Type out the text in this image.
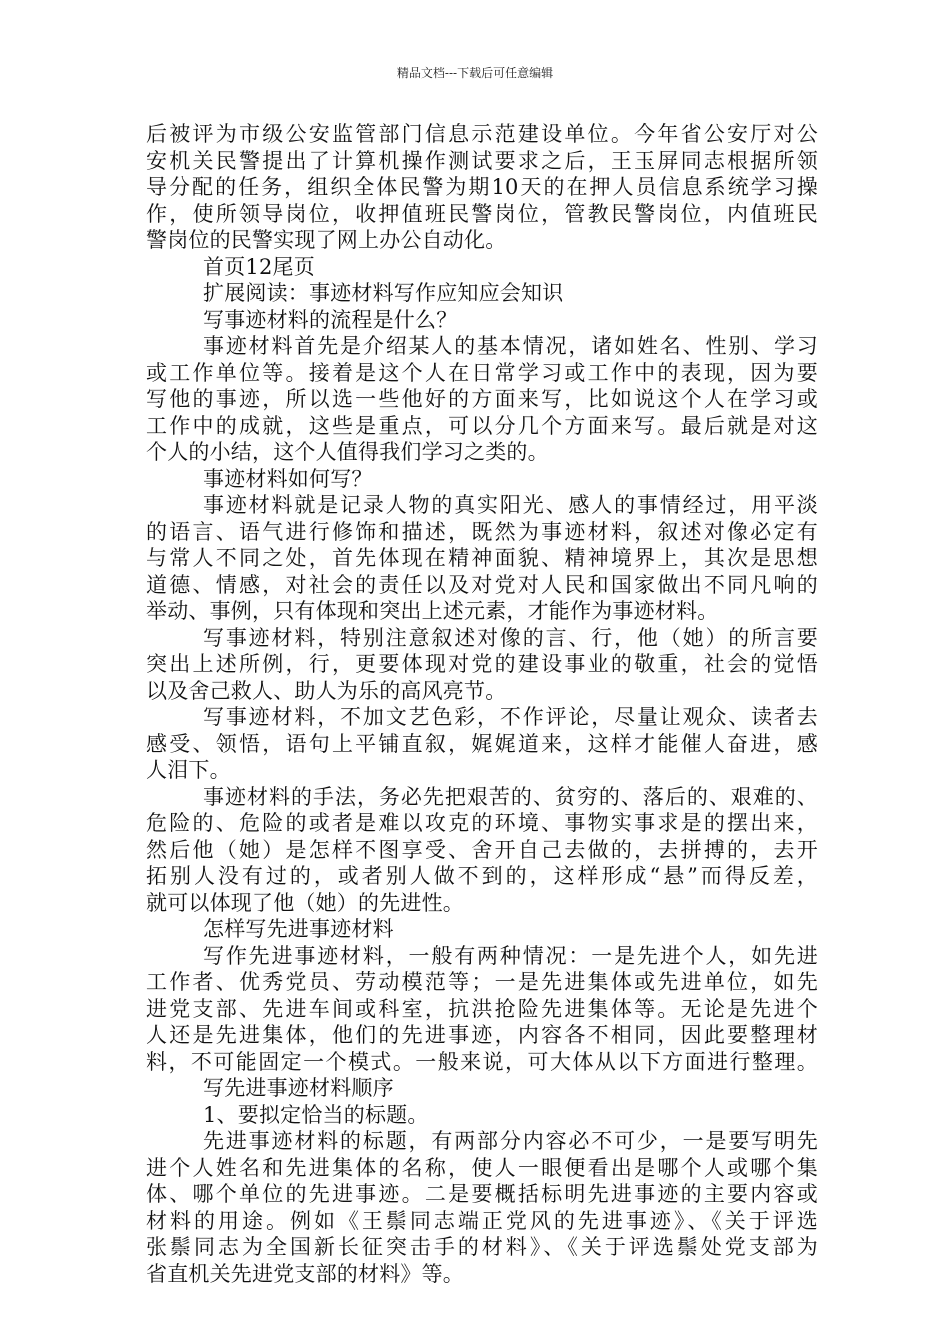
精品文档---下载后可任意编辑
后被评为市级公安监管部门信息示范建设单位。今年省公安厅对公
安机关民警提出了计算机操作测试要求之后，王玉屏同志根据所领
导分配的任务，组织全体民警为期10天的在押人员信息系统学习操
作，使所领导岗位，收押值班民警岗位，管教民警岗位，内值班民
警岗位的民警实现了网上办公自动化。
首页12尾页
扩展阅读：事迹材料写作应知应会知识
写事迹材料的流程是什么？
事迹材料首先是介绍某人的基本情况，诸如姓名、性别、学习
或工作单位等。接着是这个人在日常学习或工作中的表现，因为要
写他的事迹，所以选一些他好的方面来写，比如说这个人在学习或
工作中的成就，这些是重点，可以分几个方面来写。最后就是对这
个人的小结，这个人值得我们学习之类的。
事迹材料如何写？
事迹材料就是记录人物的真实阳光、感人的事情经过，用平淡
的语言、语气进行修饰和描述，既然为事迹材料，叙述对像必定有
与常人不同之处，首先体现在精神面貌、精神境界上，其次是思想
道德、情感，对社会的责任以及对党对人民和国家做出不同凡响的
举动、事例，只有体现和突出上述元素，才能作为事迹材料。
写事迹材料，特别注意叙述对像的言、行，他（她）的所言要
突出上述所例，行，更要体现对党的建设事业的敬重，社会的觉悟
以及舍己救人、助人为乐的高风亮节。
写事迹材料，不加文艺色彩，不作评论，尽量让观众、读者去
感受、领悟，语句上平铺直叙，娓娓道来，这样才能催人奋进，感
人泪下。
事迹材料的手法，务必先把艰苦的、贫穷的、落后的、艰难的、
危险的、危险的或者是难以攻克的环境、事物实事求是的摆出来，
然后他（她）是怎样不图享受、舍开自己去做的，去拼搏的，去开
拓别人没有过的，或者别人做不到的，这样形成“悬”而得反差，
就可以体现了他（她）的先进性。
怎样写先进事迹材料
写作先进事迹材料，一般有两种情况：一是先进个人，如先进
工作者、优秀党员、劳动模范等；一是先进集体或先进单位，如先
进党支部、先进车间或科室，抗洪抢险先进集体等。无论是先进个
人还是先进集体，他们的先进事迹，内容各不相同，因此要整理材
料，不可能固定一个模式。一般来说，可大体从以下方面进行整理。
写先进事迹材料顺序
1、要拟定恰当的标题。
先进事迹材料的标题，有两部分内容必不可少，一是要写明先
进个人姓名和先进集体的名称，使人一眼便看出是哪个人或哪个集
体、哪个单位的先进事迹。二是要概括标明先进事迹的主要内容或
材料的用途。例如《王鬃同志端正党风的先进事迹》、《关于评选
张鬃同志为全国新长征突击手的材料》、《关于评选鬃处党支部为
省直机关先进党支部的材料》等。
